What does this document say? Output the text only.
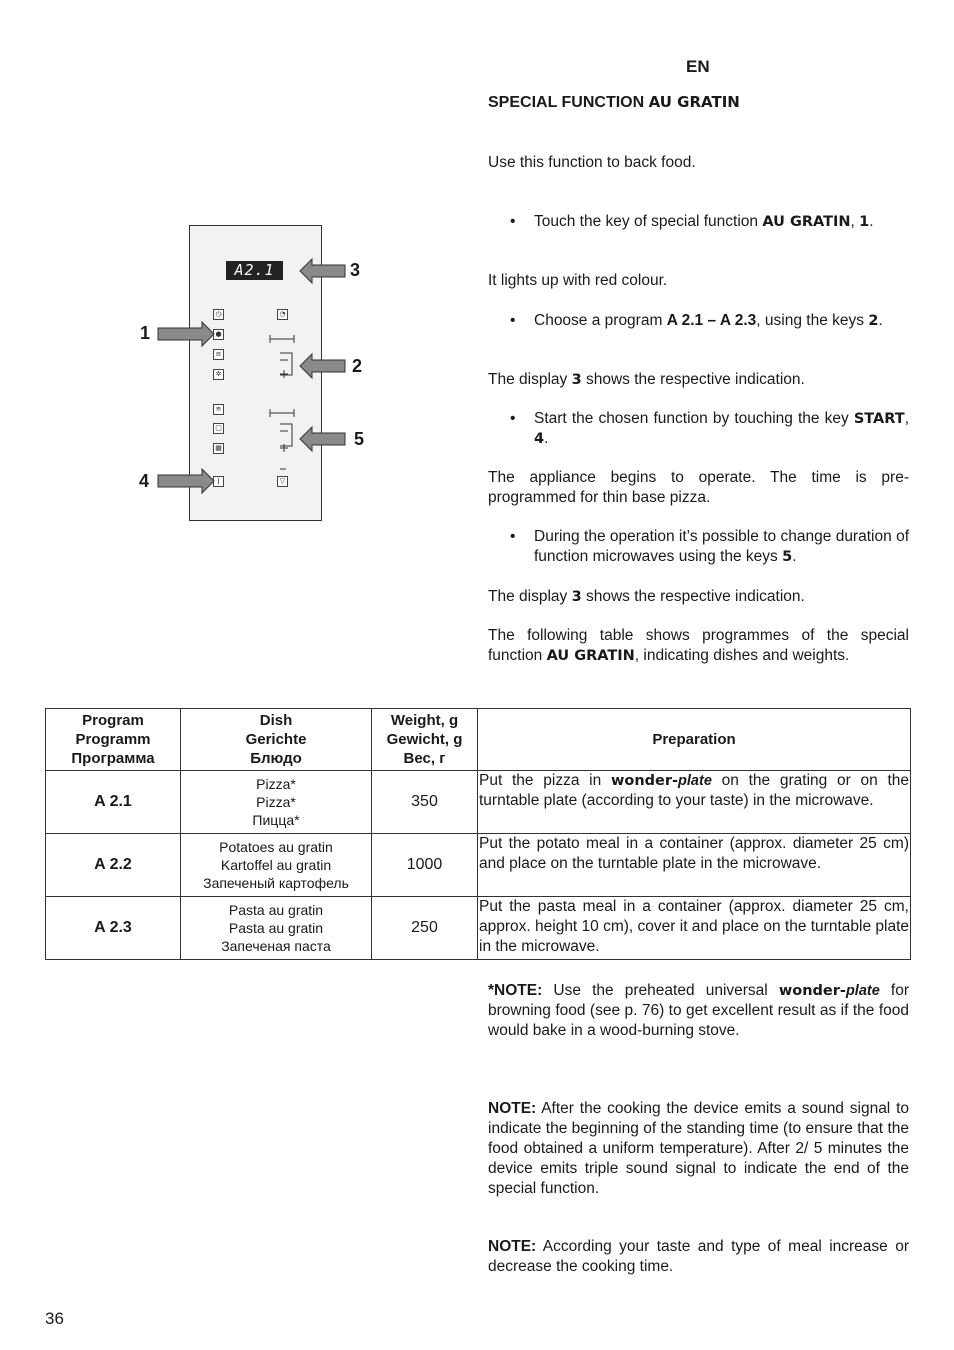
EN
SPECIAL FUNCTION AU GRATIN
A2.1
◷
●
≡
✲
≋
□
▦
ǀ
◔
▽
3
1
2
5
4

Use this function to back food.

• Touch the key of special function AU GRATIN, 1.

It lights up with red colour.

• Choose a program A 2.1 – A 2.3, using the keys 2.

The display 3 shows the respective indication.

• Start the chosen function by touching the key START, 4.

The appliance begins to operate. The time is pre-programmed for thin base pizza.

• During the operation it’s possible to change duration of function microwaves using the keys 5.

The display 3 shows the respective indication.

The following table shows programmes of the special function AU GRATIN, indicating dishes and weights.

Program
Programm
Программа	Dish
Gerichte
Блюдо	Weight, g
Gewicht, g
Вес, г	Preparation
A 2.1	Pizza*
Pizza*
Пицца*	350	Put the pizza in wonder-plate on the grating or on the turntable plate (according to your taste) in the microwave.
A 2.2	Potatoes au gratin
Kartoffel au gratin
Запеченый картофель	1000	Put the potato meal in a container (approx. diameter 25 cm) and place on the turntable plate in the microwave.
A 2.3	Pasta au gratin
Pasta au gratin
Запеченая паста	250	Put the pasta meal in a container (approx. diameter 25 cm, approx. height 10 cm), cover it and place on the turntable plate in the microwave.

*NOTE: Use the preheated universal wonder-plate for browning food (see p. 76) to get excellent result as if the food would bake in a wood-burning stove.

NOTE: After the cooking the device emits a sound signal to indicate the beginning of the standing time (to ensure that the food obtained a uniform temperature). After 2/ 5 minutes the device emits triple sound signal to indicate the end of the special function.

NOTE: According your taste and type of meal increase or decrease the cooking time.

36
